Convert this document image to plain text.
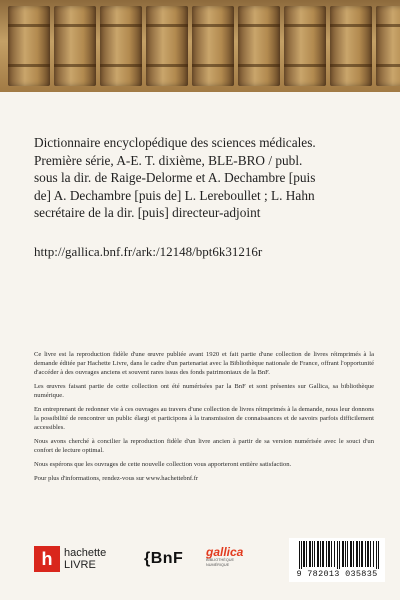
Dictionnaire encyclopédique des sciences médicales.
Première série, A-E. T. dixième, BLE-BRO / publ.
sous la dir. de Raige-Delorme et A. Dechambre [puis
de] A. Dechambre [puis de] L. Lereboullet ; L. Hahn
secrétaire de la dir. [puis] directeur-adjoint
http://gallica.bnf.fr/ark:/12148/bpt6k31216r

Ce livre est la reproduction fidèle d'une œuvre publiée avant 1920 et fait partie d'une collection de livres réimprimés à la demande éditée par Hachette Livre, dans le cadre d'un partenariat avec la Bibliothèque nationale de France, offrant l'opportunité d'accéder à des ouvrages anciens et souvent rares issus des fonds patrimoniaux de la BnF.

Les œuvres faisant partie de cette collection ont été numérisées par la BnF et sont présentes sur Gallica, sa bibliothèque numérique.

En entreprenant de redonner vie à ces ouvrages au travers d'une collection de livres réimprimés à la demande, nous leur donnons la possibilité de rencontrer un public élargi et participons à la transmission de connaissances et de savoirs parfois difficilement accessibles.

Nous avons cherché à concilier la reproduction fidèle d'un livre ancien à partir de sa version numérisée avec le souci d'un confort de lecture optimal.

Nous espérons que les ouvrages de cette nouvelle collection vous apporteront entière satisfaction.

Pour plus d'informations, rendez-vous sur www.hachettebnf.fr

h	hachette
LIVRE	{BnF gallica
BIBLIOTHÈQUE
NUMÉRIQUE
9 782013 035835
